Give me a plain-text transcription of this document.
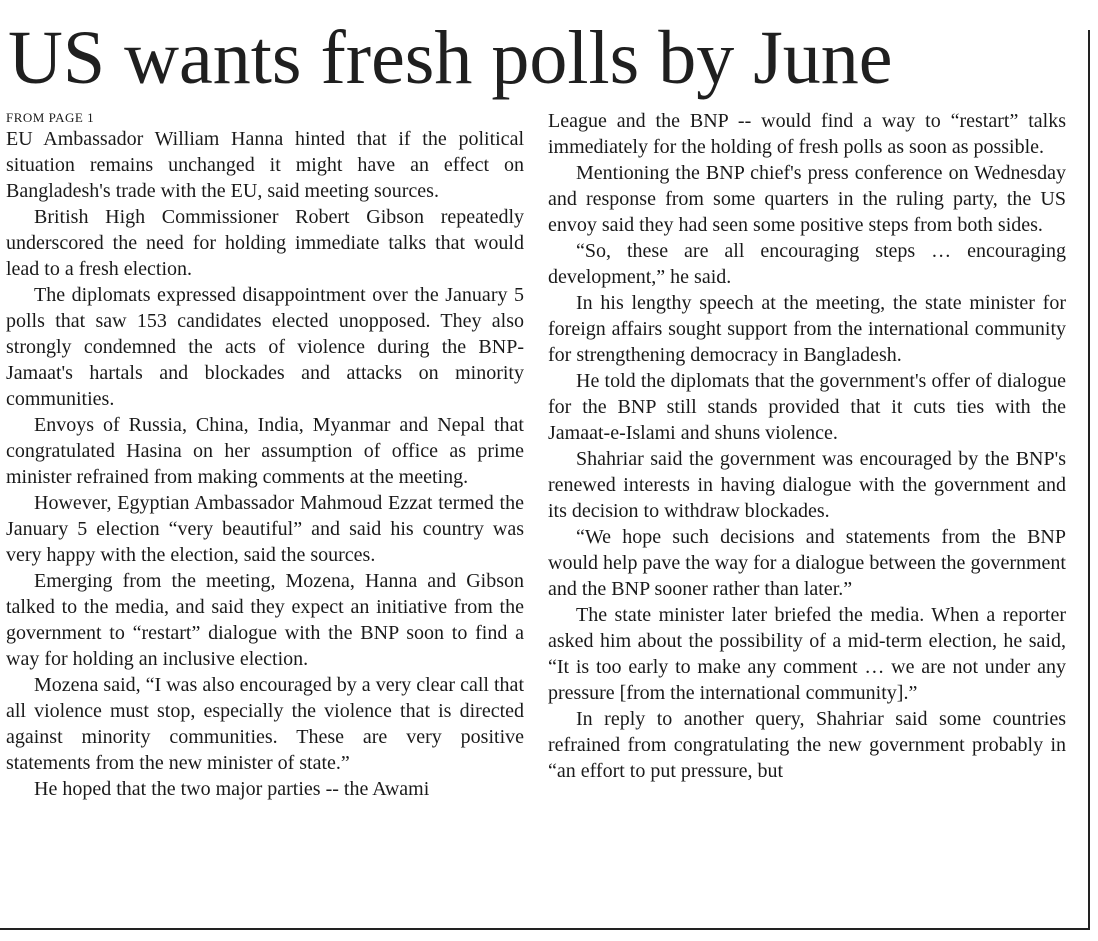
US wants fresh polls by June

FROM PAGE 1

EU Ambassador William Hanna hinted that if the political situation remains unchanged it might have an effect on Bangladesh's trade with the EU, said meeting sources.

British High Commissioner Robert Gibson repeatedly underscored the need for holding immediate talks that would lead to a fresh election.

The diplomats expressed disappointment over the January 5 polls that saw 153 candidates elected unopposed. They also strongly condemned the acts of violence during the BNP-Jamaat's hartals and blockades and attacks on minority communities.

Envoys of Russia, China, India, Myanmar and Nepal that congratulated Hasina on her assumption of office as prime minister refrained from making comments at the meeting.

However, Egyptian Ambassador Mahmoud Ezzat termed the January 5 election “very beautiful” and said his country was very happy with the election, said the sources.

Emerging from the meeting, Mozena, Hanna and Gibson talked to the media, and said they expect an initiative from the government to “restart” dialogue with the BNP soon to find a way for holding an inclusive election.

Mozena said, “I was also encouraged by a very clear call that all violence must stop, especially the violence that is directed against minority communities. These are very positive statements from the new minister of state.”

He hoped that the two major parties -- the Awami

League and the BNP -- would find a way to “restart” talks immediately for the holding of fresh polls as soon as possible.

Mentioning the BNP chief's press conference on Wednesday and response from some quarters in the ruling party, the US envoy said they had seen some positive steps from both sides.

“So, these are all encouraging steps … encouraging development,” he said.

In his lengthy speech at the meeting, the state minister for foreign affairs sought support from the international community for strengthening democracy in Bangladesh.

He told the diplomats that the government's offer of dialogue for the BNP still stands provided that it cuts ties with the Jamaat-e-Islami and shuns violence.

Shahriar said the government was encouraged by the BNP's renewed interests in having dialogue with the government and its decision to withdraw blockades.

“We hope such decisions and statements from the BNP would help pave the way for a dialogue between the government and the BNP sooner rather than later.”

The state minister later briefed the media. When a reporter asked him about the possibility of a mid-term election, he said, “It is too early to make any comment … we are not under any pressure [from the international community].”

In reply to another query, Shahriar said some countries refrained from congratulating the new government probably in “an effort to put pressure, but
